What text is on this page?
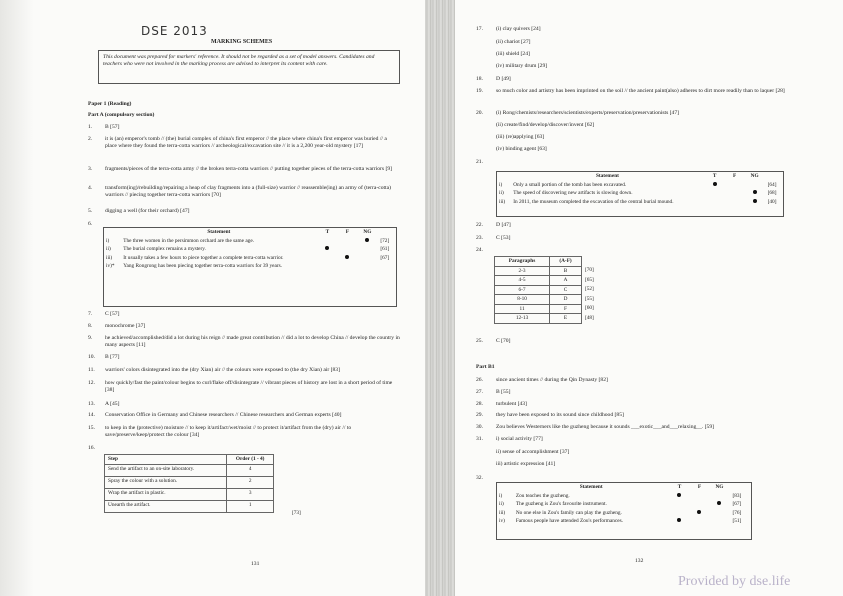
DSE 2013
MARKING SCHEMES
This document was prepared for markers' reference. It should not be regarded as a set of model answers. Candidates and teachers who were not involved in the marking process are advised to interpret its content with care.
Paper 1 (Reading)
Part A (compulsory section)
1. B [57]
2. it is (an) emperor's tomb // (the) burial complex of china's first emperor // the place where china's first emperor was buried // a place where they found the terra-cotta warriors // archeological/excavation site // it is a 2,200 year-old mystery [17]
3. fragments/pieces of the terra-cotta army // the broken terra-cotta warriors // putting together pieces of the terra-cotta warriors [9]
4. transform(ing)/rebuilding/repairing a heap of clay fragments into a (full-size) warrior // reassemble(ing) an army of (terra-cotta) warriors // piecing together terra-cotta warriors [70]
5. digging a well (for their orchard) [47]
6.
	Statement	T	F	NG	
i)	The three women in the persimmon orchard are the same age.				[72]
ii)	The burial complex remains a mystery.				[61]
iii)	It usually takes a few hours to piece together a complete terra-cotta warrior.				[67]
iv)*	Yang Rongrong has been piecing together terra-cotta warriors for 39 years.				
7. C [57]
8. monochrome [37]
9. he achieved/accomplished/did a lot during his reign // made great contribution // did a lot to develop China // develop the country in many aspects [11]
10. B [77]
11. warriors' colors disintegrated into the (dry Xian) air // the colours were exposed to (the dry Xian) air [83]
12. how quickly/fast the paint/colour begins to curl/flake off/disintegrate // vibrant pieces of history are lost in a short period of time [38]
13. A [45]
14. Conservation Office in Germany and Chinese researchers // Chinese researchers and German experts [40]
15. to keep in the (protective) moisture // to keep it/artifact/wet/moist // to protect it/artifact from the (dry) air // to save/preserve/keep/protect the colour [34]
16.
Step	Order (1 - 4)
Send the artifact to an on-site laboratory.	4
Spray the colour with a solution.	2
Wrap the artifact in plastic.	3
Unearth the artifact.	1
[73]
131
17. (i) clay quivers [24]
(ii) chariot [27]
(iii) shield [24]
(iv) military drum [29]
18. D [49]
19. so much color and artistry has been imprinted on the soil // the ancient paint(also) adheres to dirt more readily than to laquer [28]
20. (i) Rong/chemists/researchers/scientists/experts/preservation/preservationists [47]
(ii) create/find/develop/discover/invent [62]
(iii) (re)applying [63]
(iv) binding agent [63]
21.
	Statement	T	F	NG	
i)	Only a small portion of the tomb has been excavated.				[64]
ii)	The speed of discovering new artifacts is slowing down.				[68]
iii)	In 2011, the museum completed the excavation of the central burial mound.				[40]
22. D [47]
23. C [53]
24.
Paragraphs	(A-F)	
2-3	B	[70]
4-5	A	[65]
6-7	C	[52]
8-10	D	[55]
11	F	[60]
12-13	E	[48]
25. C [70]
Part B1
26. since ancient times // during the Qin Dynasty [82]
27. B [55]
28. turbulent [43]
29. they have been exposed to its sound since childhood [85]
30. Zou believes Westerners like the guzheng because it sounds ___exotic___and___relaxing__. [59]
31. i) social activity [77]
ii) sense of accomplishment [37]
iii) artistic expression [41]
32.
	Statement	T	F	NG	
i)	Zou teaches the guzheng.				[83]
ii)	The guzheng is Zou's favourite instrument.				[67]
iii)	No one else in Zou's family can play the guzheng.				[76]
iv)	Famous people have attended Zou's performances.				[51]
132
Provided by dse.life
